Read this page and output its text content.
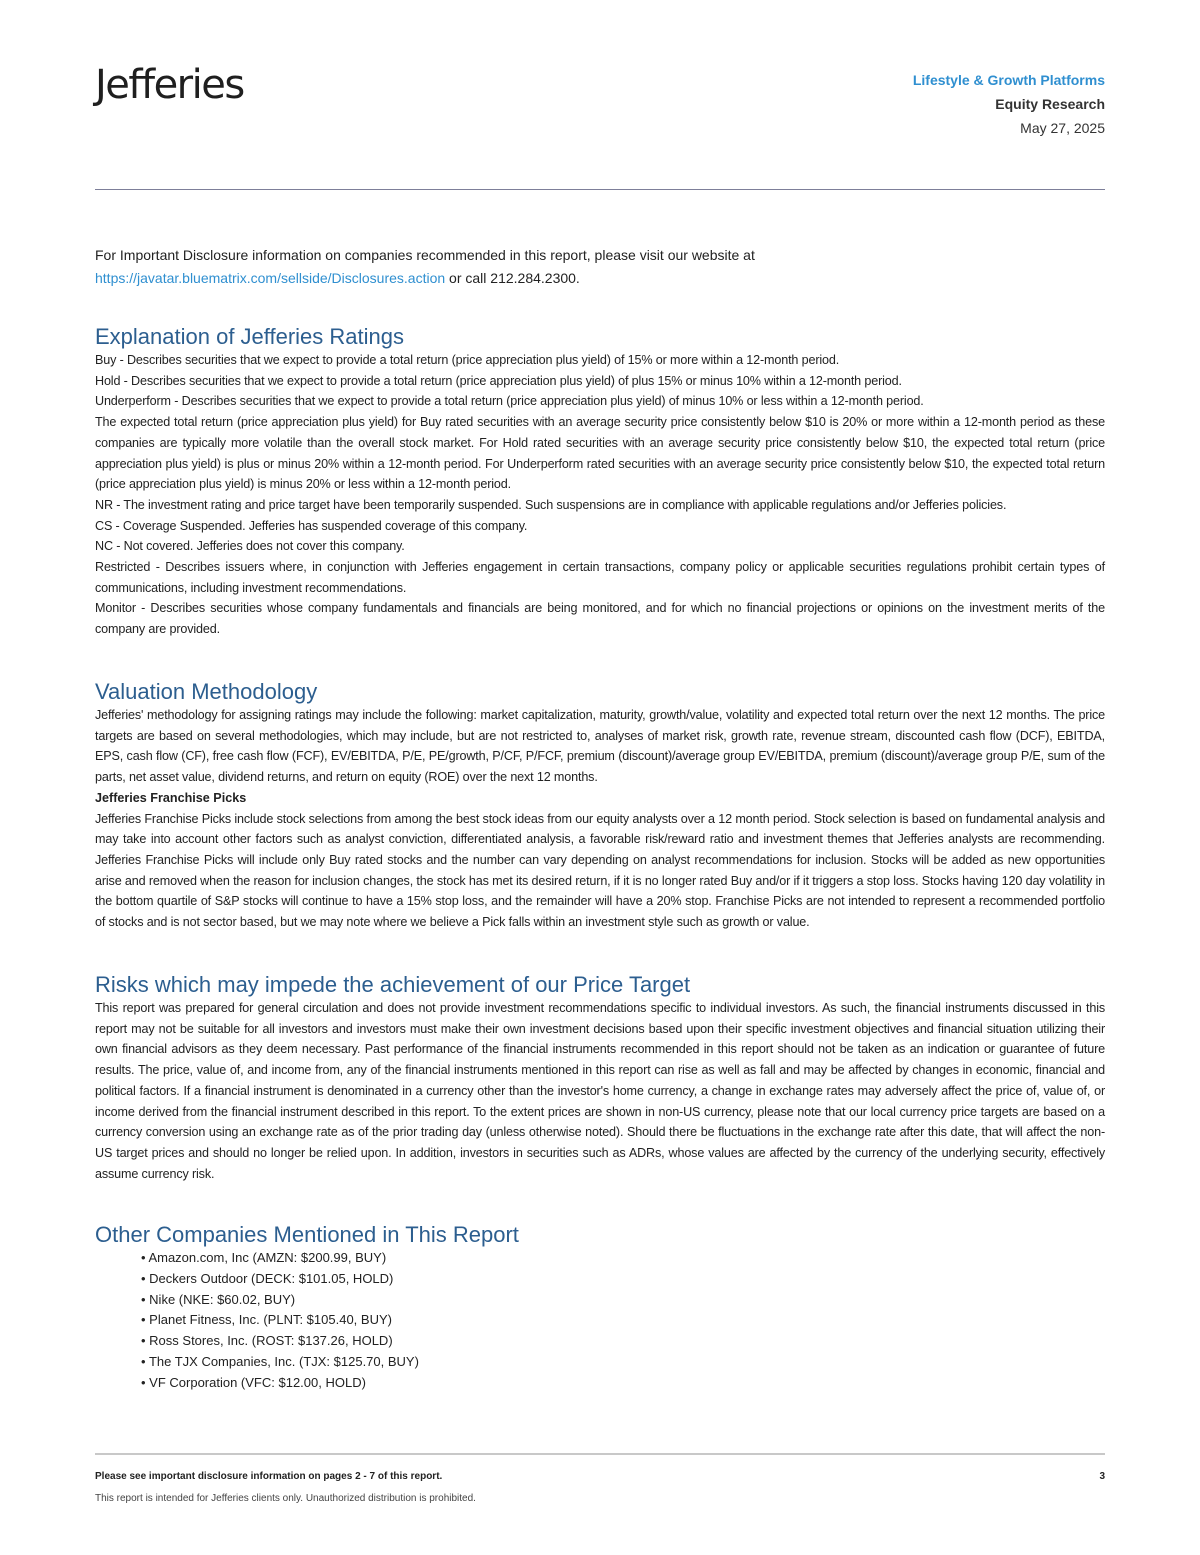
Jefferies	Lifestyle & Growth Platforms
Equity Research
May 27, 2025

For Important Disclosure information on companies recommended in this report, please visit our website at https://javatar.bluematrix.com/sellside/Disclosures.action or call 212.284.2300.

Explanation of Jefferies Ratings

Buy - Describes securities that we expect to provide a total return (price appreciation plus yield) of 15% or more within a 12-month period.

Hold - Describes securities that we expect to provide a total return (price appreciation plus yield) of plus 15% or minus 10% within a 12-month period.

Underperform - Describes securities that we expect to provide a total return (price appreciation plus yield) of minus 10% or less within a 12-month period.

The expected total return (price appreciation plus yield) for Buy rated securities with an average security price consistently below $10 is 20% or more within a 12-month period as these companies are typically more volatile than the overall stock market. For Hold rated securities with an average security price consistently below $10, the expected total return (price appreciation plus yield) is plus or minus 20% within a 12-month period. For Underperform rated securities with an average security price consistently below $10, the expected total return (price appreciation plus yield) is minus 20% or less within a 12-month period.

NR - The investment rating and price target have been temporarily suspended. Such suspensions are in compliance with applicable regulations and/or Jefferies policies.

CS - Coverage Suspended. Jefferies has suspended coverage of this company.

NC - Not covered. Jefferies does not cover this company.

Restricted - Describes issuers where, in conjunction with Jefferies engagement in certain transactions, company policy or applicable securities regulations prohibit certain types of communications, including investment recommendations.

Monitor - Describes securities whose company fundamentals and financials are being monitored, and for which no financial projections or opinions on the investment merits of the company are provided.

Valuation Methodology

Jefferies' methodology for assigning ratings may include the following: market capitalization, maturity, growth/value, volatility and expected total return over the next 12 months. The price targets are based on several methodologies, which may include, but are not restricted to, analyses of market risk, growth rate, revenue stream, discounted cash flow (DCF), EBITDA, EPS, cash flow (CF), free cash flow (FCF), EV/EBITDA, P/E, PE/growth, P/CF, P/FCF, premium (discount)/average group EV/EBITDA, premium (discount)/average group P/E, sum of the parts, net asset value, dividend returns, and return on equity (ROE) over the next 12 months.

Jefferies Franchise Picks

Jefferies Franchise Picks include stock selections from among the best stock ideas from our equity analysts over a 12 month period. Stock selection is based on fundamental analysis and may take into account other factors such as analyst conviction, differentiated analysis, a favorable risk/reward ratio and investment themes that Jefferies analysts are recommending. Jefferies Franchise Picks will include only Buy rated stocks and the number can vary depending on analyst recommendations for inclusion. Stocks will be added as new opportunities arise and removed when the reason for inclusion changes, the stock has met its desired return, if it is no longer rated Buy and/or if it triggers a stop loss. Stocks having 120 day volatility in the bottom quartile of S&P stocks will continue to have a 15% stop loss, and the remainder will have a 20% stop. Franchise Picks are not intended to represent a recommended portfolio of stocks and is not sector based, but we may note where we believe a Pick falls within an investment style such as growth or value.

Risks which may impede the achievement of our Price Target

This report was prepared for general circulation and does not provide investment recommendations specific to individual investors. As such, the financial instruments discussed in this report may not be suitable for all investors and investors must make their own investment decisions based upon their specific investment objectives and financial situation utilizing their own financial advisors as they deem necessary. Past performance of the financial instruments recommended in this report should not be taken as an indication or guarantee of future results. The price, value of, and income from, any of the financial instruments mentioned in this report can rise as well as fall and may be affected by changes in economic, financial and political factors. If a financial instrument is denominated in a currency other than the investor's home currency, a change in exchange rates may adversely affect the price of, value of, or income derived from the financial instrument described in this report. To the extent prices are shown in non-US currency, please note that our local currency price targets are based on a currency conversion using an exchange rate as of the prior trading day (unless otherwise noted). Should there be fluctuations in the exchange rate after this date, that will affect the non-US target prices and should no longer be relied upon. In addition, investors in securities such as ADRs, whose values are affected by the currency of the underlying security, effectively assume currency risk.

Other Companies Mentioned in This Report
• Amazon.com, Inc (AMZN: $200.99, BUY)
• Deckers Outdoor (DECK: $101.05, HOLD)
• Nike (NKE: $60.02, BUY)
• Planet Fitness, Inc. (PLNT: $105.40, BUY)
• Ross Stores, Inc. (ROST: $137.26, HOLD)
• The TJX Companies, Inc. (TJX: $125.70, BUY)
• VF Corporation (VFC: $12.00, HOLD)
Please see important disclosure information on pages 2 - 7 of this report.
This report is intended for Jefferies clients only. Unauthorized distribution is prohibited.
3
